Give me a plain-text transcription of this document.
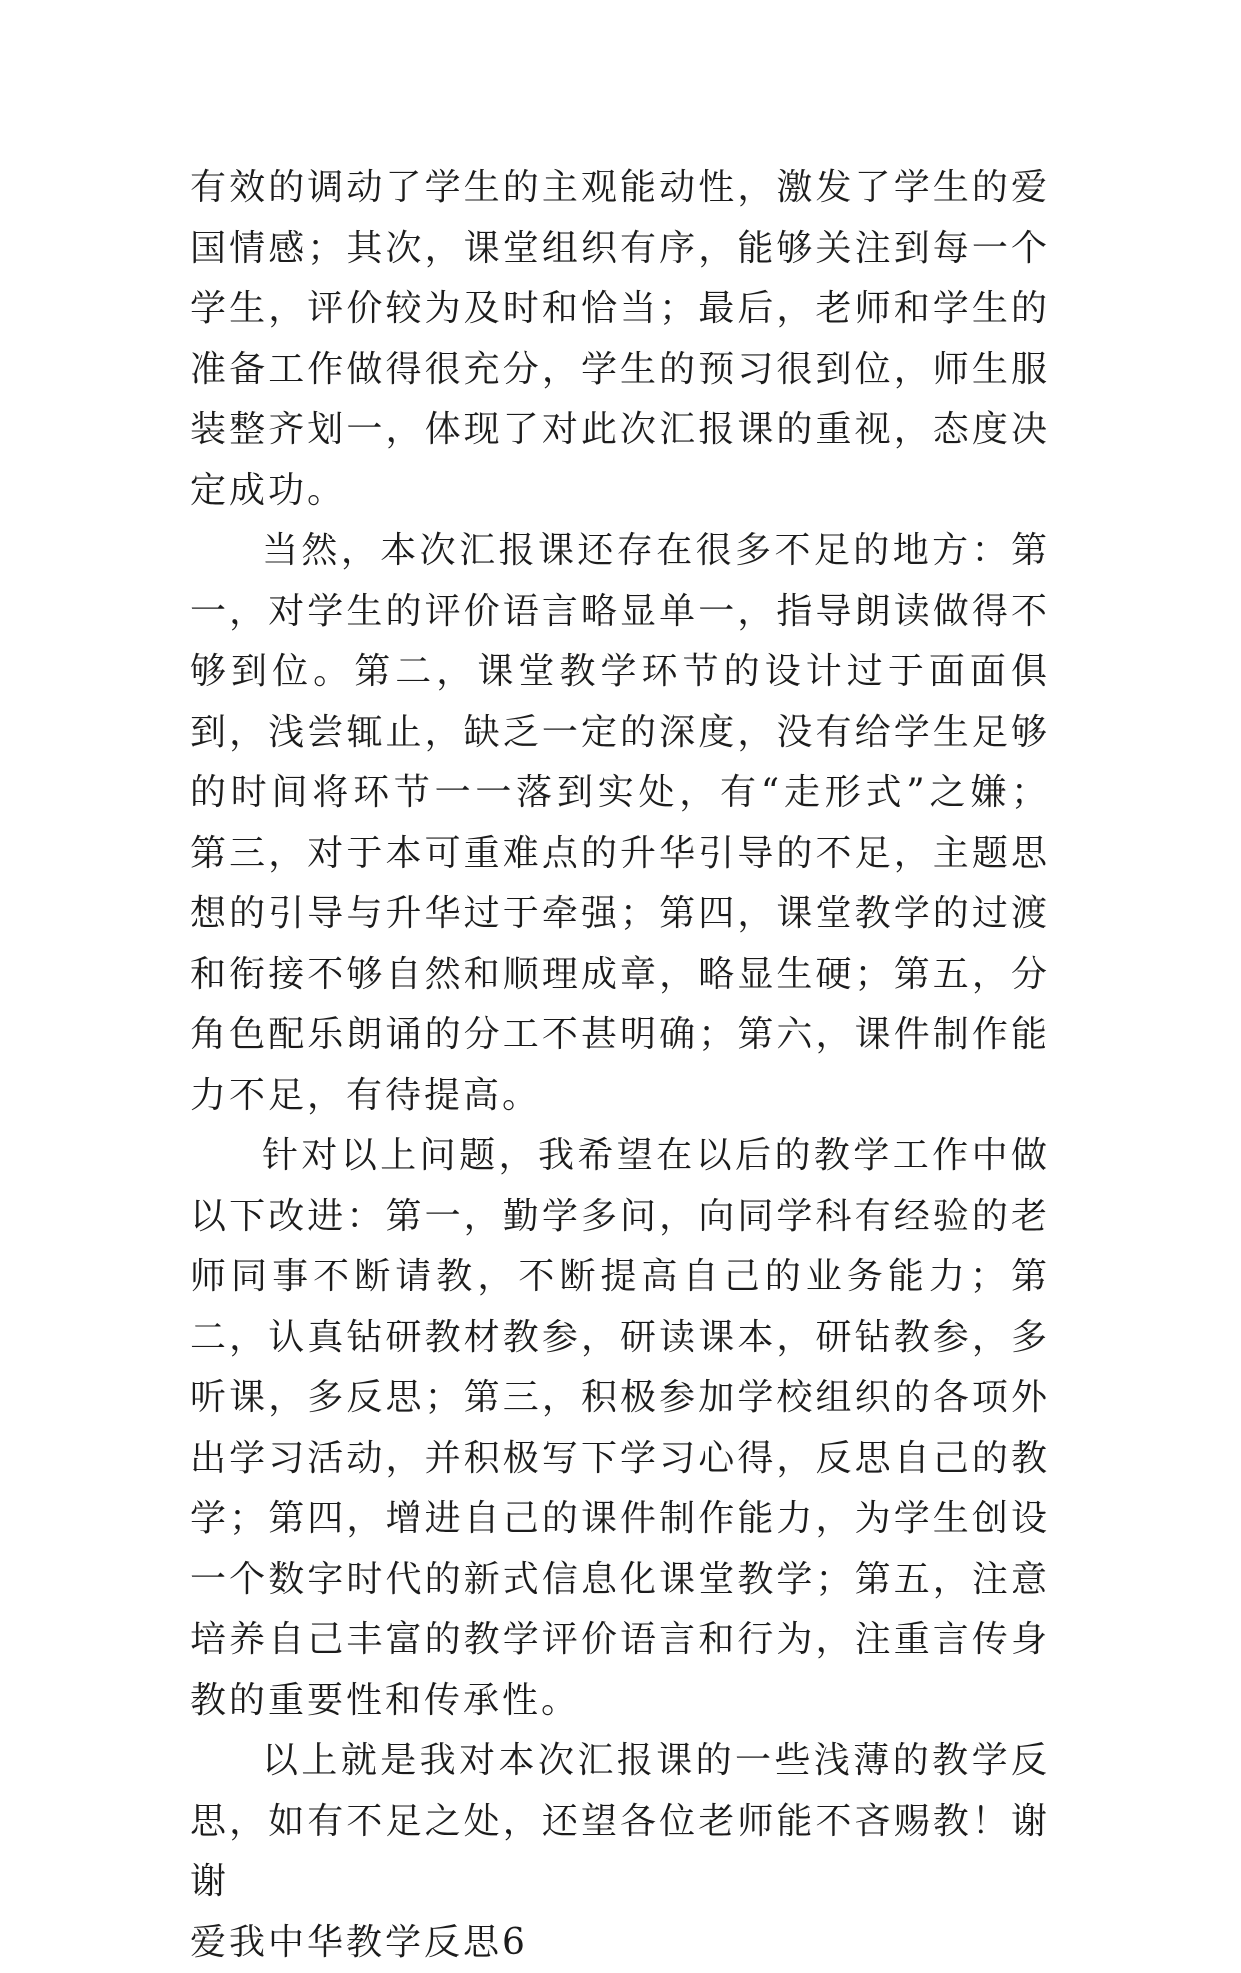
有效的调动了学生的主观能动性，激发了学生的爱国情感；其次，课堂组织有序，能够关注到每一个学生，评价较为及时和恰当；最后，老师和学生的准备工作做得很充分，学生的预习很到位，师生服装整齐划一，体现了对此次汇报课的重视，态度决定成功。

当然，本次汇报课还存在很多不足的地方：第一，对学生的评价语言略显单一，指导朗读做得不够到位。第二，课堂教学环节的设计过于面面俱到，浅尝辄止，缺乏一定的深度，没有给学生足够的时间将环节一一落到实处，有“走形式”之嫌；第三，对于本可重难点的升华引导的不足，主题思想的引导与升华过于牵强；第四，课堂教学的过渡和衔接不够自然和顺理成章，略显生硬；第五，分角色配乐朗诵的分工不甚明确；第六，课件制作能力不足，有待提高。

针对以上问题，我希望在以后的教学工作中做以下改进：第一，勤学多问，向同学科有经验的老师同事不断请教，不断提高自己的业务能力；第二，认真钻研教材教参，研读课本，研钻教参，多听课，多反思；第三，积极参加学校组织的各项外出学习活动，并积极写下学习心得，反思自己的教学；第四，增进自己的课件制作能力，为学生创设一个数字时代的新式信息化课堂教学；第五，注意培养自己丰富的教学评价语言和行为，注重言传身教的重要性和传承性。

以上就是我对本次汇报课的一些浅薄的教学反思，如有不足之处，还望各位老师能不吝赐教！谢谢

爱我中华教学反思6
